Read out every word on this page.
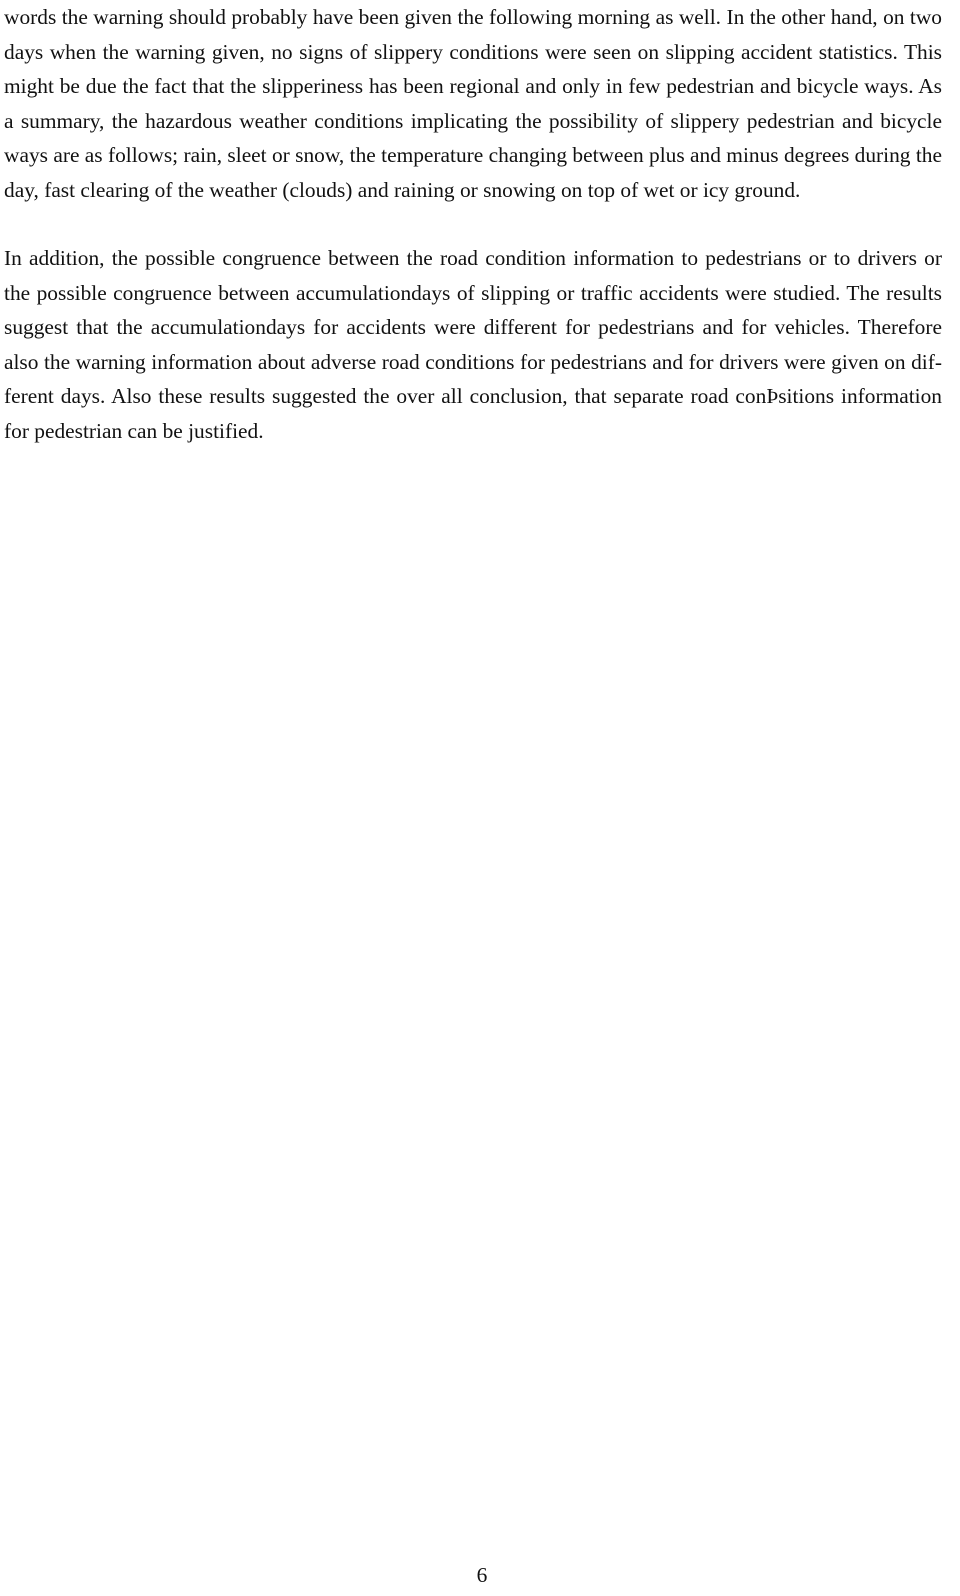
words the warning should probably have been given the following morning as well. In the other hand, on two days when the warning given, no signs of slippery conditions were seen on slipping accident statistics. This might be due the fact that the slipperiness has been regional and only in few pedestrian and bicycle ways. As a summary, the hazardous weather conditions implicating the possibility of slippery pedestrian and bicycle ways are as follows; rain, sleet or snow, the temperature changing between plus and minus degrees during the day, fast clearing of the weather (clouds) and raining or snowing on top of wet or icy ground.

In addition, the possible congruence between the road condition information to pedestrians or to drivers or the possible congruence between accumulationdays of slipping or traffic accidents were studied. The results suggest that the accumulationdays for accidents were different for pedestrians and for vehicles. Therefore also the warning information about adverse road conditions for pedestrians and for drivers were given on different days. Also these results suggested the over all conclusion, that separate road conÞsitions information for pedestrian can be justified.

6
